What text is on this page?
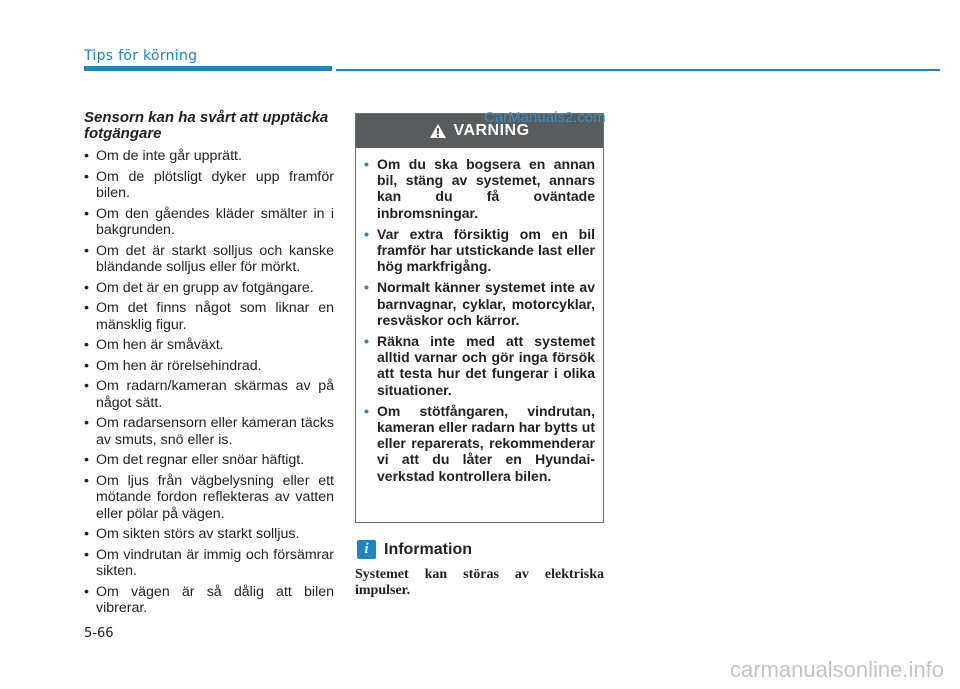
Tips för körning
Sensorn kan ha svårt att upptäcka fotgängare
• Om de inte går upprätt.
• Om de plötsligt dyker upp framför bilen.
• Om den gåendes kläder smälter in i bakgrunden.
• Om det är starkt solljus och kanske bländande solljus eller för mörkt.
• Om det är en grupp av fotgängare.
• Om det finns något som liknar en mänsklig figur.
• Om hen är småväxt.
• Om hen är rörelsehindrad.
• Om radarn/kameran skärmas av på något sätt.
• Om radarsensorn eller kameran täcks av smuts, snö eller is.
• Om det regnar eller snöar häftigt.
• Om ljus från vägbelysning eller ett mötande fordon reflekteras av vatten eller pölar på vägen.
• Om sikten störs av starkt solljus.
• Om vindrutan är immig och försämrar sikten.
• Om vägen är så dålig att bilen vibrerar.
VARNING
• Om du ska bogsera en annan bil, stäng av systemet, annars kan du få oväntade inbromsningar.
• Var extra försiktig om en bil framför har utstickande last eller hög markfrigång.
• Normalt känner systemet inte av barnvagnar, cyklar, motorcyklar, resväskor och kärror.
• Räkna inte med att systemet alltid varnar och gör inga försök att testa hur det fungerar i olika situationer.
• Om stötfångaren, vindrutan, kameran eller radarn har bytts ut eller reparerats, rekommenderar vi att du låter en Hyundai-verkstad kontrollera bilen.
CarManuals2.com
i Information
Systemet kan störas av elektriska impulser.
5-66
carmanualsonline.info
